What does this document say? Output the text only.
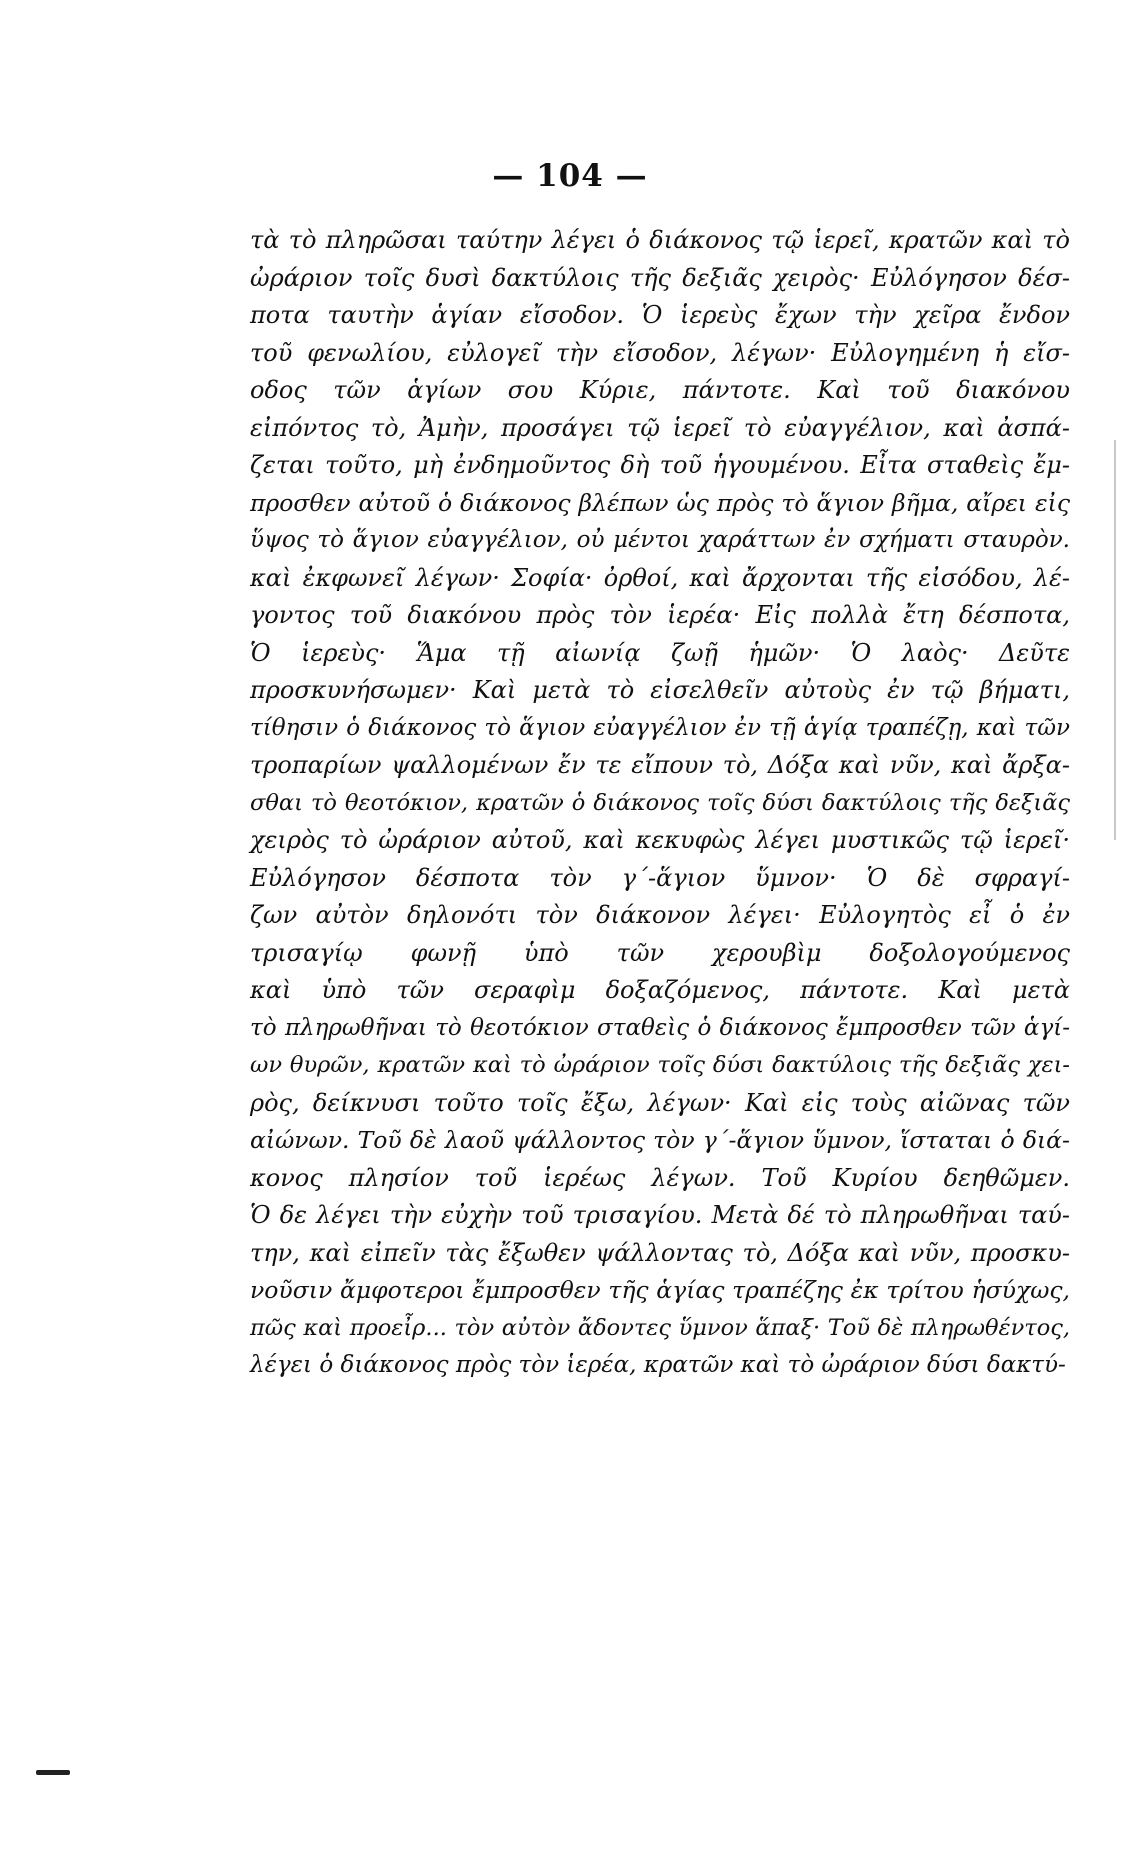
— 104 —
τὰ τὸ πληρῶσαι ταύτην λέγει ὁ διάκονος τῷ ἱερεῖ, κρατῶν καὶ τὸ
ὠράριον τοῖς δυσὶ δακτύλοις τῆς δεξιᾶς χειρὸς· Εὐλόγησον δέσ-
ποτα ταυτὴν ἁγίαν εἴσοδον. Ὁ ἱερεὺς ἔχων τὴν χεῖρα ἔνδον
τοῦ φενωλίου, εὐλογεῖ τὴν εἴσοδον, λέγων· Εὐλογημένη ἡ εἴσ-
οδος τῶν ἁγίων σου Κύριε, πάντοτε. Καὶ τοῦ διακόνου
εἰπόντος τὸ, Ἀμὴν, προσάγει τῷ ἱερεῖ τὸ εὐαγγέλιον, καὶ ἀσπά-
ζεται τοῦτο, μὴ ἐνδημοῦντος δὴ τοῦ ἡγουμένου. Εἶτα σταθεὶς ἔμ-
προσθεν αὐτοῦ ὁ διάκονος βλέπων ὡς πρὸς τὸ ἅγιον βῆμα, αἴρει εἰς
ὕψος τὸ ἅγιον εὐαγγέλιον, οὐ μέντοι χαράττων ἐν σχήματι σταυρὸν.
καὶ ἐκφωνεῖ λέγων· Σοφία· ὀρθοί, καὶ ἄρχονται τῆς εἰσόδου, λέ-
γοντος τοῦ διακόνου πρὸς τὸν ἱερέα· Εἰς πολλὰ ἔτη δέσποτα,
Ὁ ἱερεὺς· Ἅμα τῇ αἰωνίᾳ ζωῇ ἡμῶν· Ὁ λαὸς· Δεῦτε
προσκυνήσωμεν· Καὶ μετὰ τὸ εἰσελθεῖν αὐτοὺς ἐν τῷ βήματι,
τίθησιν ὁ διάκονος τὸ ἅγιον εὐαγγέλιον ἐν τῇ ἁγίᾳ τραπέζῃ, καὶ τῶν
τροπαρίων ψαλλομένων ἔν τε εἴπουν τὸ, Δόξα καὶ νῦν, καὶ ἄρξα-
σθαι τὸ θεοτόκιον, κρατῶν ὁ διάκονος τοῖς δύσι δακτύλοις τῆς δεξιᾶς
χειρὸς τὸ ὠράριον αὐτοῦ, καὶ κεκυφὼς λέγει μυστικῶς τῷ ἱερεῖ·
Εὐλόγησον δέσποτα τὸν γ΄-ἅγιον ὕμνον· Ὁ δὲ σφραγί-
ζων αὐτὸν δηλονότι τὸν διάκονον λέγει· Εὐλογητὸς εἶ ὁ ἐν
τρισαγίῳ φωνῇ ὑπὸ τῶν χερουβὶμ δοξολογούμενος
καὶ ὑπὸ τῶν σεραφὶμ δοξαζόμενος, πάντοτε. Καὶ μετὰ
τὸ πληρωθῆναι τὸ θεοτόκιον σταθεὶς ὁ διάκονος ἔμπροσθεν τῶν ἁγί-
ων θυρῶν, κρατῶν καὶ τὸ ὠράριον τοῖς δύσι δακτύλοις τῆς δεξιᾶς χει-
ρὸς, δείκνυσι τοῦτο τοῖς ἔξω, λέγων· Καὶ εἰς τοὺς αἰῶνας τῶν
αἰώνων. Τοῦ δὲ λαοῦ ψάλλοντος τὸν γ΄-ἅγιον ὕμνον, ἵσταται ὁ διά-
κονος πλησίον τοῦ ἱερέως λέγων. Τοῦ Κυρίου δεηθῶμεν.
Ὁ δε λέγει τὴν εὐχὴν τοῦ τρισαγίου. Μετὰ δέ τὸ πληρωθῆναι ταύ-
την, καὶ εἰπεῖν τὰς ἔξωθεν ψάλλοντας τὸ, Δόξα καὶ νῦν, προσκυ-
νοῦσιν ἄμφοτεροι ἔμπροσθεν τῆς ἁγίας τραπέζης ἐκ τρίτου ἡσύχως,
πῶς καὶ προεἶρ... τὸν αὐτὸν ἄδοντες ὕμνον ἅπαξ· Τοῦ δὲ πληρωθέντος,
λέγει ὁ διάκονος πρὸς τὸν ἱερέα, κρατῶν καὶ τὸ ὠράριον δύσι δακτύ-
